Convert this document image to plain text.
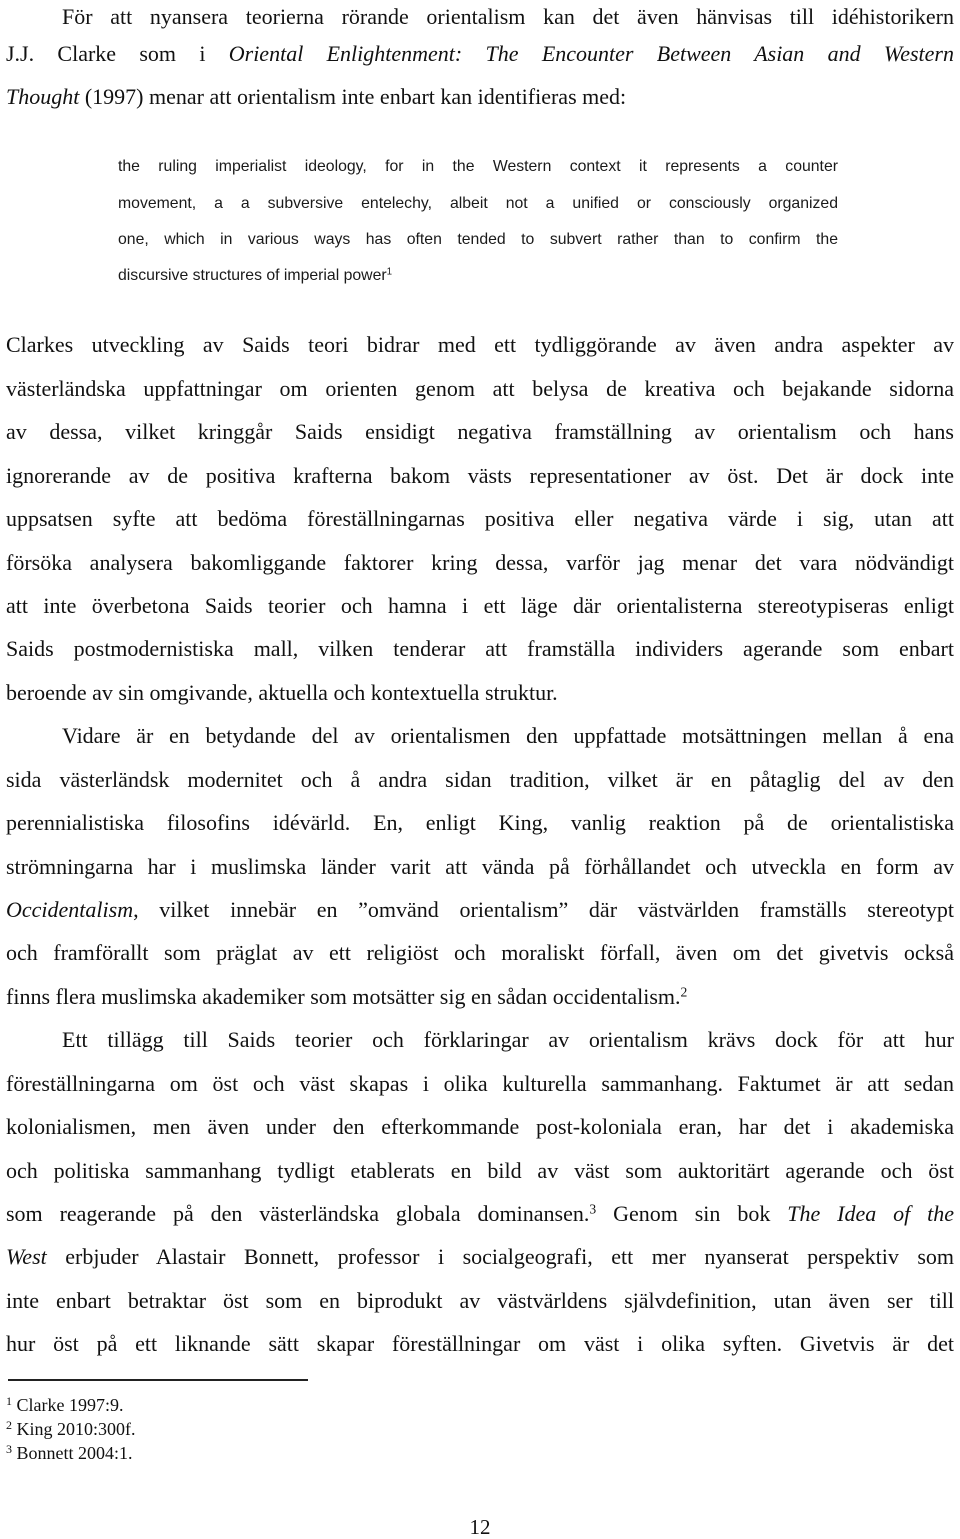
För att nyansera teorierna rörande orientalism kan det även hänvisas till idéhistorikern
J.J. Clarke som i Oriental Enlightenment: The Encounter Between Asian and Western
Thought (1997) menar att orientalism inte enbart kan identifieras med:
the ruling imperialist ideology, for in the Western context it represents a counter
movement, a a subversive entelechy, albeit not a unified or consciously organized
one, which in various ways has often tended to subvert rather than to confirm the
discursive structures of imperial power$^1$
Clarkes utveckling av Saids teori bidrar med ett tydliggörande av även andra aspekter av
västerländska uppfattningar om orienten genom att belysa de kreativa och bejakande sidorna
av dessa, vilket kringgår Saids ensidigt negativa framställning av orientalism och hans
ignorerande av de positiva krafterna bakom västs representationer av öst. Det är dock inte
uppsatsen syfte att bedöma föreställningarnas positiva eller negativa värde i sig, utan att
försöka analysera bakomliggande faktorer kring dessa, varför jag menar det vara nödvändigt
att inte överbetona Saids teorier och hamna i ett läge där orientalisterna stereotypiseras enligt
Saids postmodernistiska mall, vilken tenderar att framställa individers agerande som enbart
beroende av sin omgivande, aktuella och kontextuella struktur.
Vidare är en betydande del av orientalismen den uppfattade motsättningen mellan å ena
sida västerländsk modernitet och å andra sidan tradition, vilket är en påtaglig del av den
perennialistiska filosofins idévärld. En, enligt King, vanlig reaktion på de orientalistiska
strömningarna har i muslimska länder varit att vända på förhållandet och utveckla en form av
Occidentalism, vilket innebär en ”omvänd orientalism” där västvärlden framställs stereotypt
och framförallt som präglat av ett religiöst och moraliskt förfall, även om det givetvis också
finns flera muslimska akademiker som motsätter sig en sådan occidentalism.$^2$
Ett tillägg till Saids teorier och förklaringar av orientalism krävs dock för att hur
föreställningarna om öst och väst skapas i olika kulturella sammanhang. Faktumet är att sedan
kolonialismen, men även under den efterkommande post-koloniala eran, har det i akademiska
och politiska sammanhang tydligt etablerats en bild av väst som auktoritärt agerande och öst
som reagerande på den västerländska globala dominansen.$^3$ Genom sin bok The Idea of the
West erbjuder Alastair Bonnett, professor i socialgeografi, ett mer nyanserat perspektiv som
inte enbart betraktar öst som en biprodukt av västvärldens självdefinition, utan även ser till
hur öst på ett liknande sätt skapar föreställningar om väst i olika syften. Givetvis är det
$^1$ Clarke 1997:9.
$^2$ King 2010:300f.
$^3$ Bonnett 2004:1.
12
